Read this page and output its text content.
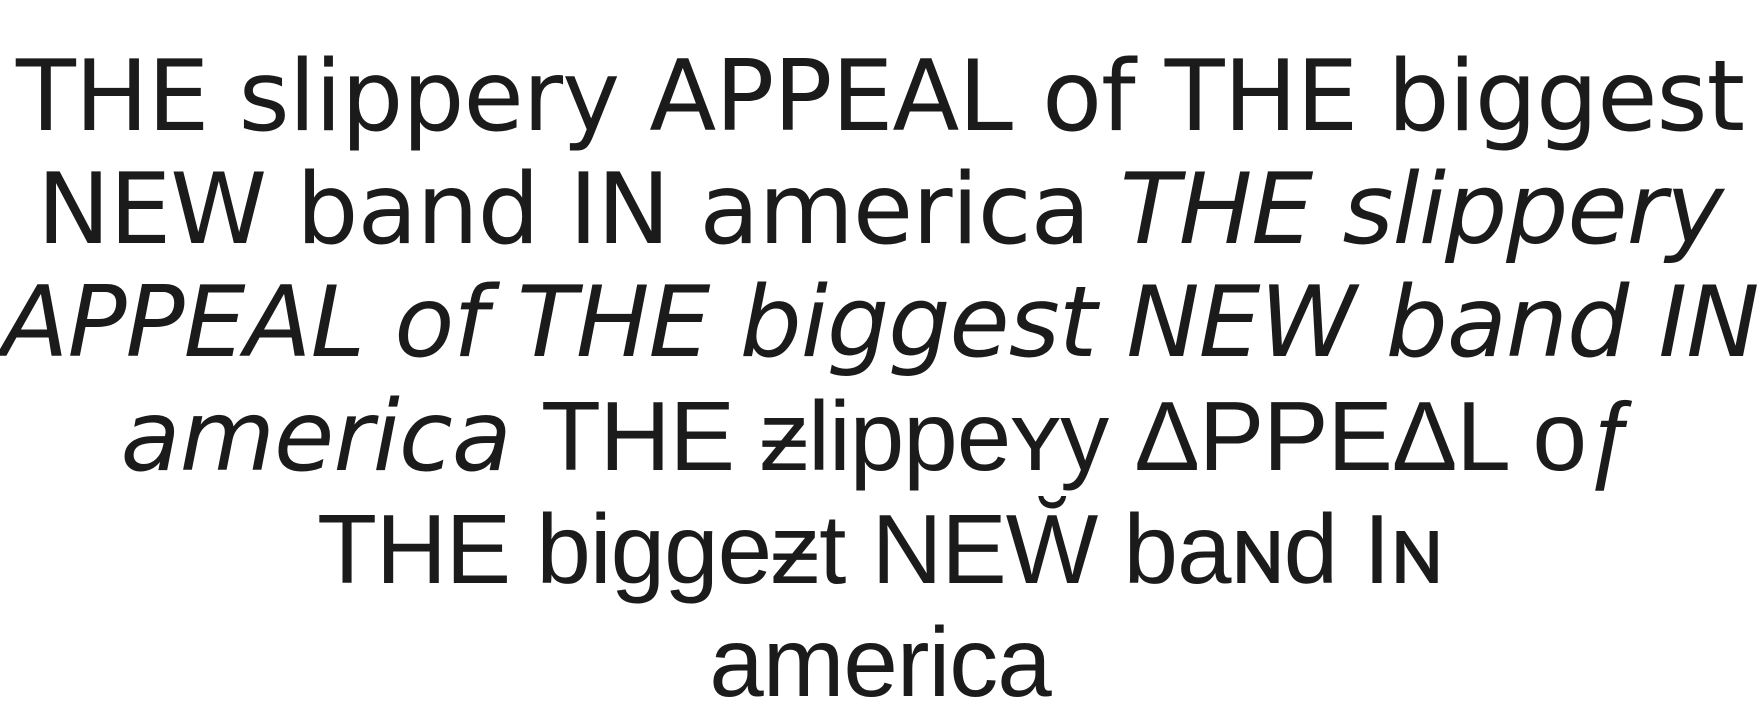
THE slippery APPEAL of THE biggest
NEW band IN america THE slippery
APPEAL of THE biggest NEW band IN
america THE ƶlippeʏy ΔPPEΔL oƒ
THE biggeƶt NEW̆ baɴd Iɴ
america
